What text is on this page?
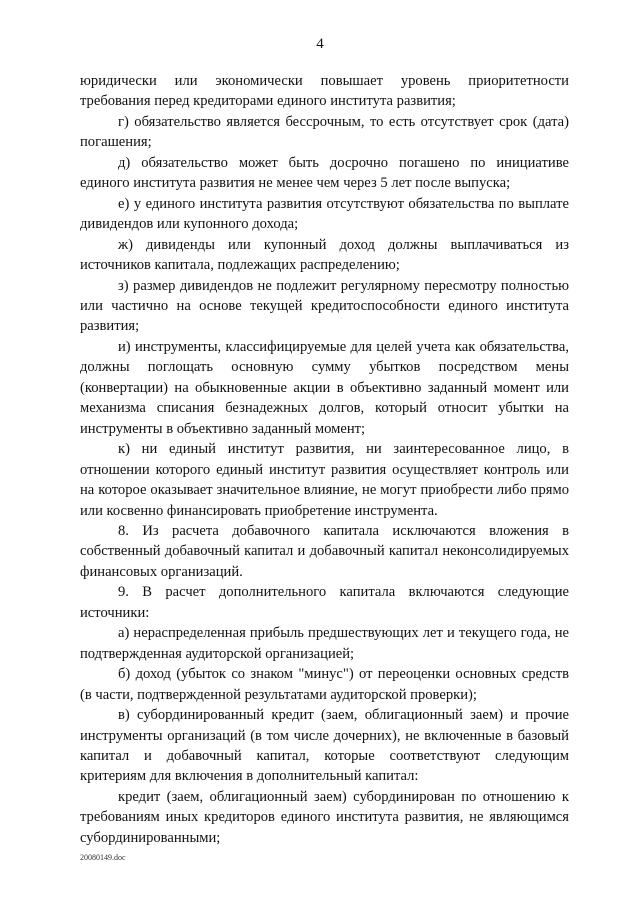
4

юридически или экономически повышает уровень приоритетности требования перед кредиторами единого института развития;

г) обязательство является бессрочным, то есть отсутствует срок (дата) погашения;

д) обязательство может быть досрочно погашено по инициативе единого института развития не менее чем через 5 лет после выпуска;

е) у единого института развития отсутствуют обязательства по выплате дивидендов или купонного дохода;

ж) дивиденды или купонный доход должны выплачиваться из источников капитала, подлежащих распределению;

з) размер дивидендов не подлежит регулярному пересмотру полностью или частично на основе текущей кредитоспособности единого института развития;

и) инструменты, классифицируемые для целей учета как обязательства, должны поглощать основную сумму убытков посредством мены (конвертации) на обыкновенные акции в объективно заданный момент или механизма списания безнадежных долгов, который относит убытки на инструменты в объективно заданный момент;

к) ни единый институт развития, ни заинтересованное лицо, в отношении которого единый институт развития осуществляет контроль или на которое оказывает значительное влияние, не могут приобрести либо прямо или косвенно финансировать приобретение инструмента.

8. Из расчета добавочного капитала исключаются вложения в собственный добавочный капитал и добавочный капитал неконсолидируемых финансовых организаций.

9. В расчет дополнительного капитала включаются следующие источники:

а) нераспределенная прибыль предшествующих лет и текущего года, не подтвержденная аудиторской организацией;

б) доход (убыток со знаком "минус") от переоценки основных средств (в части, подтвержденной результатами аудиторской проверки);

в) субординированный кредит (заем, облигационный заем) и прочие инструменты организаций (в том числе дочерних), не включенные в базовый капитал и добавочный капитал, которые соответствуют следующим критериям для включения в дополнительный капитал:

кредит (заем, облигационный заем) субординирован по отношению к требованиям иных кредиторов единого института развития, не являющимся субординированными;

20080149.doc
